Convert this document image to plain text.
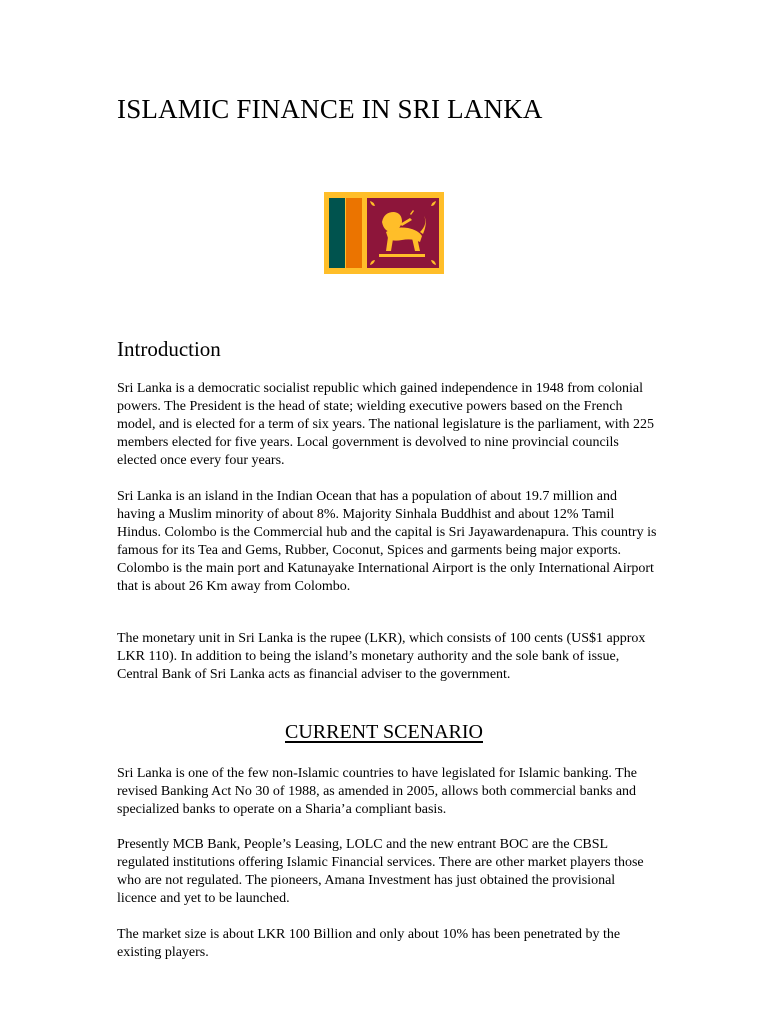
ISLAMIC FINANCE IN SRI LANKA
Introduction

Sri Lanka is a democratic socialist republic which gained independence in 1948 from colonial powers. The President is the head of state; wielding executive powers based on the French model, and is elected for a term of six years. The national legislature is the parliament, with 225 members elected for five years. Local government is devolved to nine provincial councils elected once every four years.

Sri Lanka is an island in the Indian Ocean that has a population of about 19.7 million and having a Muslim minority of about 8%. Majority Sinhala Buddhist and about 12% Tamil Hindus. Colombo is the Commercial hub and the capital is Sri Jayawardenapura. This country is famous for its Tea and Gems, Rubber, Coconut, Spices and garments being major exports. Colombo is the main port and Katunayake International Airport is the only International Airport that is about 26 Km away from Colombo.

The monetary unit in Sri Lanka is the rupee (LKR), which consists of 100 cents (US$1 approx LKR 110). In addition to being the island’s monetary authority and the sole bank of issue, Central Bank of Sri Lanka acts as financial adviser to the government.

CURRENT SCENARIO

Sri Lanka is one of the few non-Islamic countries to have legislated for Islamic banking. The revised Banking Act No 30 of 1988, as amended in 2005, allows both commercial banks and specialized banks to operate on a Sharia’a compliant basis.

Presently MCB Bank, People’s Leasing, LOLC and the new entrant BOC are the CBSL regulated institutions offering Islamic Financial services. There are other market players those who are not regulated. The pioneers, Amana Investment has just obtained the provisional licence and yet to be launched.

The market size is about LKR 100 Billion and only about 10% has been penetrated by the existing players.
